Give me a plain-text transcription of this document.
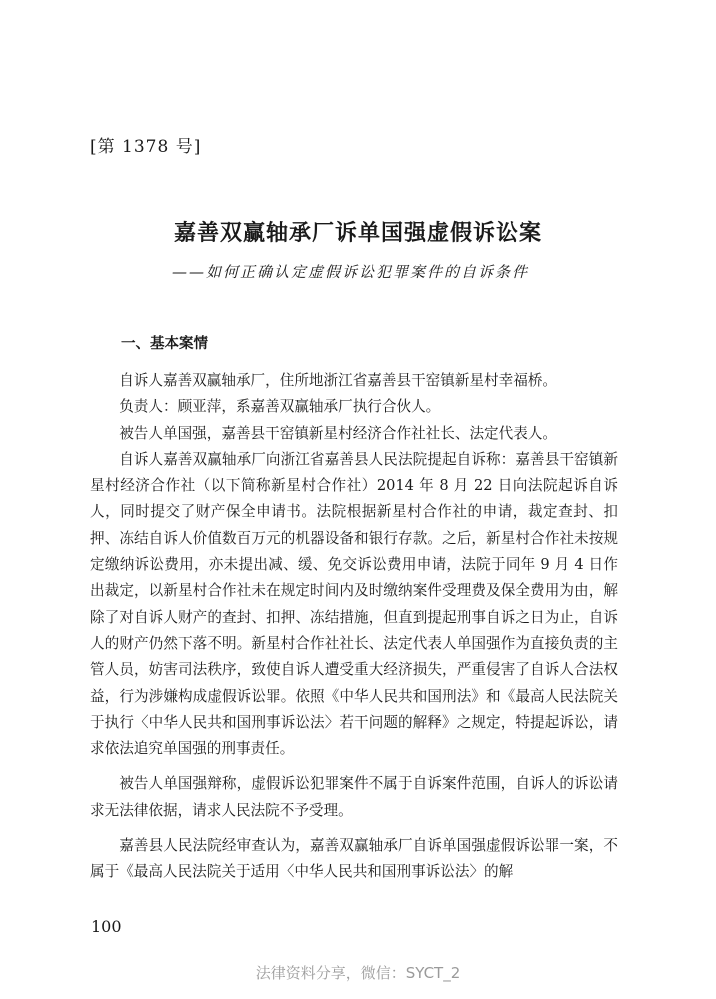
[第 1378 号]
嘉善双赢轴承厂诉单国强虚假诉讼案
——如何正确认定虚假诉讼犯罪案件的自诉条件
一、基本案情

自诉人嘉善双赢轴承厂，住所地浙江省嘉善县干窑镇新星村幸福桥。

负责人：顾亚萍，系嘉善双赢轴承厂执行合伙人。

被告人单国强，嘉善县干窑镇新星村经济合作社社长、法定代表人。

自诉人嘉善双赢轴承厂向浙江省嘉善县人民法院提起自诉称：嘉善县干窑镇新星村经济合作社（以下简称新星村合作社）2014 年 8 月 22 日向法院起诉自诉人，同时提交了财产保全申请书。法院根据新星村合作社的申请，裁定查封、扣押、冻结自诉人价值数百万元的机器设备和银行存款。之后，新星村合作社未按规定缴纳诉讼费用，亦未提出减、缓、免交诉讼费用申请，法院于同年 9 月 4 日作出裁定，以新星村合作社未在规定时间内及时缴纳案件受理费及保全费用为由，解除了对自诉人财产的查封、扣押、冻结措施，但直到提起刑事自诉之日为止，自诉人的财产仍然下落不明。新星村合作社社长、法定代表人单国强作为直接负责的主管人员，妨害司法秩序，致使自诉人遭受重大经济损失，严重侵害了自诉人合法权益，行为涉嫌构成虚假诉讼罪。依照《中华人民共和国刑法》和《最高人民法院关于执行〈中华人民共和国刑事诉讼法〉若干问题的解释》之规定，特提起诉讼，请求依法追究单国强的刑事责任。

被告人单国强辩称，虚假诉讼犯罪案件不属于自诉案件范围，自诉人的诉讼请求无法律依据，请求人民法院不予受理。

嘉善县人民法院经审查认为，嘉善双赢轴承厂自诉单国强虚假诉讼罪一案，不属于《最高人民法院关于适用〈中华人民共和国刑事诉讼法〉的解

100
法律资料分享，微信：SYCT_2
